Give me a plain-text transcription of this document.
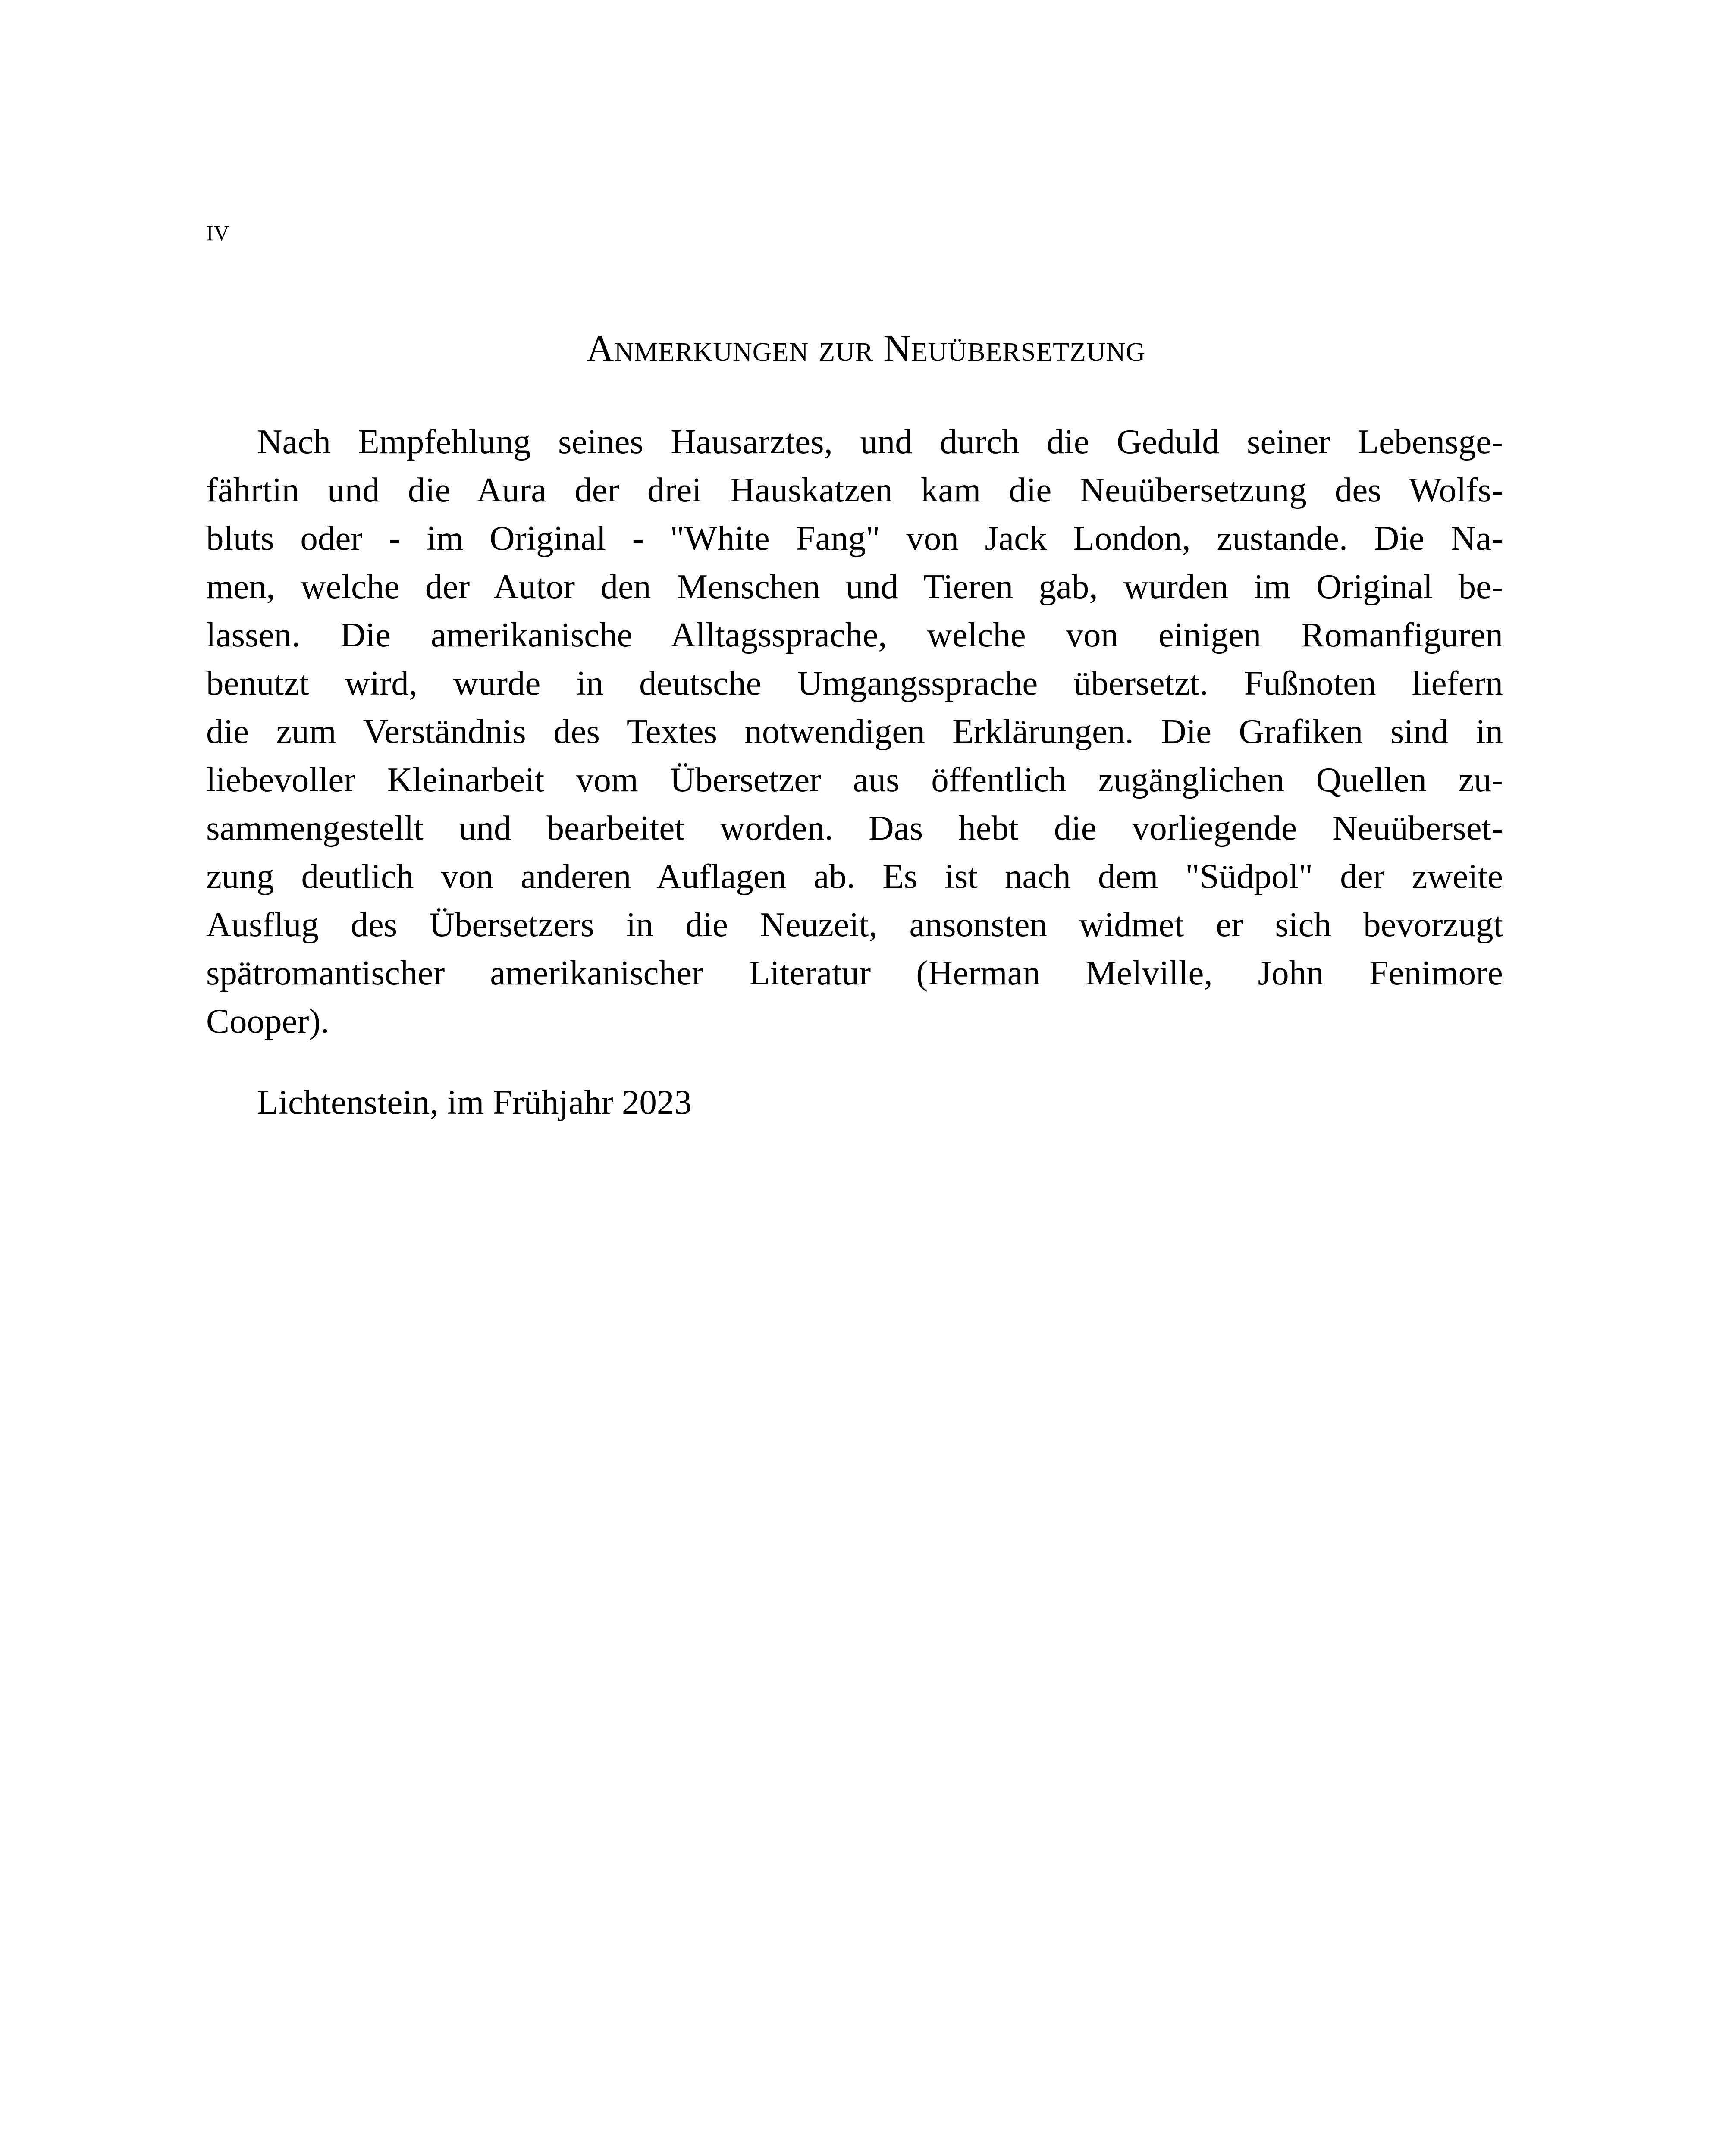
IV
Anmerkungen zur Neuübersetzung
Nach Empfehlung seines Hausarztes, und durch die Geduld seiner Lebensge-
fährtin und die Aura der drei Hauskatzen kam die Neuübersetzung des Wolfs-
bluts oder - im Original - "White Fang" von Jack London, zustande. Die Na-
men, welche der Autor den Menschen und Tieren gab, wurden im Original be-
lassen. Die amerikanische Alltagssprache, welche von einigen Romanfiguren
benutzt wird, wurde in deutsche Umgangssprache übersetzt. Fußnoten liefern
die zum Verständnis des Textes notwendigen Erklärungen. Die Grafiken sind in
liebevoller Kleinarbeit vom Übersetzer aus öffentlich zugänglichen Quellen zu-
sammengestellt und bearbeitet worden. Das hebt die vorliegende Neuüberset-
zung deutlich von anderen Auflagen ab. Es ist nach dem "Südpol" der zweite
Ausflug des Übersetzers in die Neuzeit, ansonsten widmet er sich bevorzugt
spätromantischer amerikanischer Literatur (Herman Melville, John Fenimore
Cooper).
Lichtenstein, im Frühjahr 2023
